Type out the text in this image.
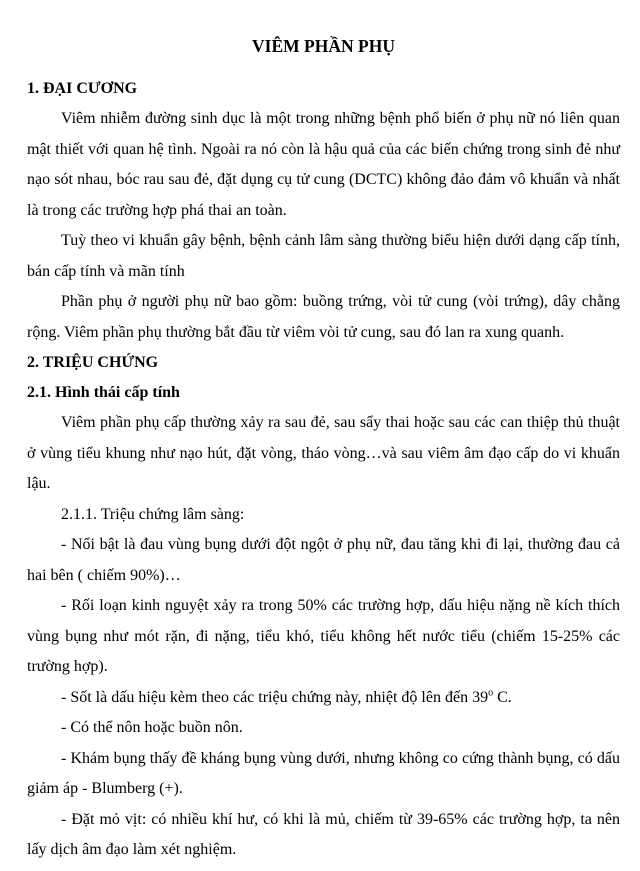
VIÊM PHẦN PHỤ

1. ĐẠI CƯƠNG

Viêm nhiễm đường sinh dục là một trong những bệnh phổ biến ở phụ nữ nó liên quan mật thiết với quan hệ tình. Ngoài ra nó còn là hậu quả của các biến chứng trong sinh đẻ như nạo sót nhau, bóc rau sau đẻ, đặt dụng cụ tử cung (DCTC) không đảo đảm vô khuẩn và nhất là trong các trường hợp phá thai an toàn.

Tuỳ theo vi khuẩn gây bệnh, bệnh cảnh lâm sàng thường biểu hiện dưới dạng cấp tính, bán cấp tính và mãn tính

Phần phụ ở người phụ nữ bao gồm: buồng trứng, vòi tử cung (vòi trứng), dây chằng rộng. Viêm phần phụ thường bắt đầu từ viêm vòi tử cung, sau đó lan ra xung quanh.

2. TRIỆU CHỨNG

2.1. Hình thái cấp tính

Viêm phần phụ cấp thường xảy ra sau đẻ, sau sẩy thai hoặc sau các can thiệp thủ thuật ở vùng tiểu khung như nạo hút, đặt vòng, tháo vòng…và sau viêm âm đạo cấp do vi khuẩn lậu.

2.1.1. Triệu chứng lâm sàng:

- Nổi bật là đau vùng bụng dưới đột ngột ở phụ nữ, đau tăng khi đi lại, thường đau cả hai bên ( chiếm 90%)…

- Rối loạn kinh nguyệt xảy ra trong 50% các trường hợp, dấu hiệu nặng nề kích thích vùng bụng như mót rặn, đi nặng, tiểu khó, tiểu không hết nước tiểu (chiếm 15-25% các trường hợp).

- Sốt là dấu hiệu kèm theo các triệu chứng này, nhiệt độ lên đến 39$^o$ C.

- Có thể nôn hoặc buồn nôn.

- Khám bụng thấy đề kháng bụng vùng dưới, nhưng không co cứng thành bụng, có dấu giảm áp - Blumberg (+).

- Đặt mỏ vịt: có nhiều khí hư, có khi là mủ, chiếm từ 39-65% các trường hợp, ta nên lấy dịch âm đạo làm xét nghiệm.
